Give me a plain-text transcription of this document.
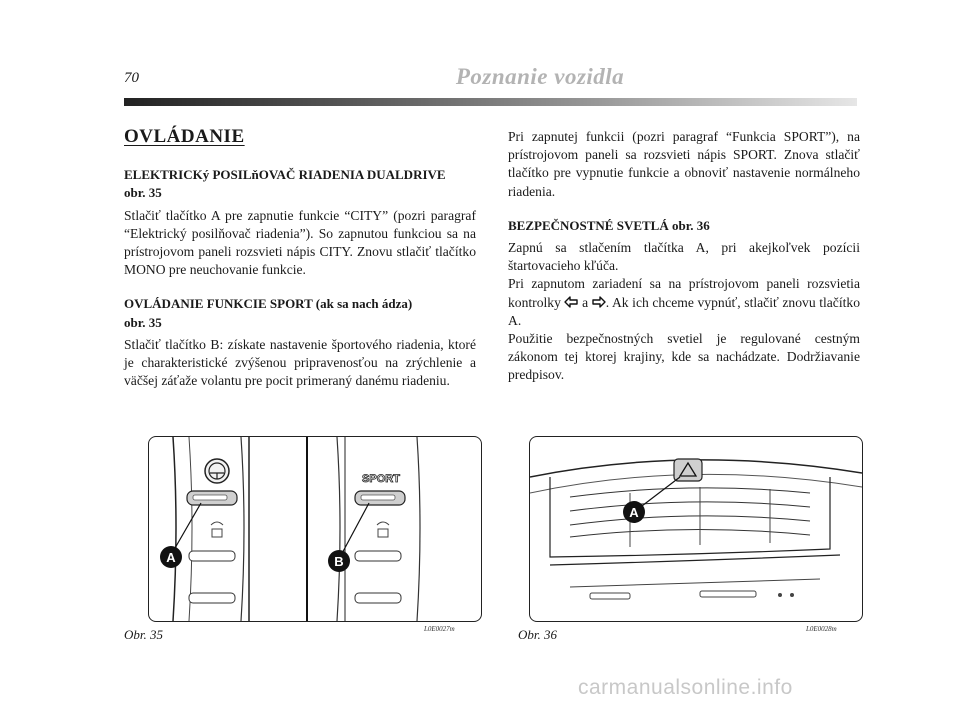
70	Poznanie vozidla
OVLÁDANIE
ELEKTRICKý POSILňOVAČ RIADENIA DUALDRIVE
obr. 35

Stlačiť tlačítko A pre zapnutie funkcie “CITY” (pozri paragraf “Elektrický posilňovač riadenia”). So zapnutou funkciou sa na prístrojovom paneli rozsvieti nápis CITY. Znovu stlačiť tlačítko MONO pre neuchovanie funkcie.

OVLÁDANIE FUNKCIE SPORT (ak sa nach ádza)
obr. 35

Stlačiť tlačítko B: získate nastavenie športového riadenia, ktoré je charakteristické zvýšenou pripravenosťou na zrýchlenie a väčšej záťaže volantu pre pocit primeraný danému riadeniu.

Pri zapnutej funkcii (pozri paragraf “Funkcia SPORT”), na prístrojovom paneli sa rozsvieti nápis SPORT. Znova stlačiť tlačítko pre vypnutie funkcie a obnoviť nastavenie normálneho riadenia.

BEZPEČNOSTNÉ SVETLÁ obr. 36

Zapnú sa stlačením tlačítka A, pri akejkoľvek pozícii štartovacieho kľúča.

Pri zapnutom zariadení sa na prístrojovom paneli rozsvietia kontrolky  a . Ak ich chceme vypnúť, stlačiť znovu tlačítko A.

Použitie bezpečnostných svetiel je regulované cestným zákonom tej ktorej krajiny, kde sa nachádzate. Dodržiavanie predpisov.

A
SPORT
B
Obr. 35	L0E0027m
A
Obr. 36	L0E0028m
carmanualsonline.info
